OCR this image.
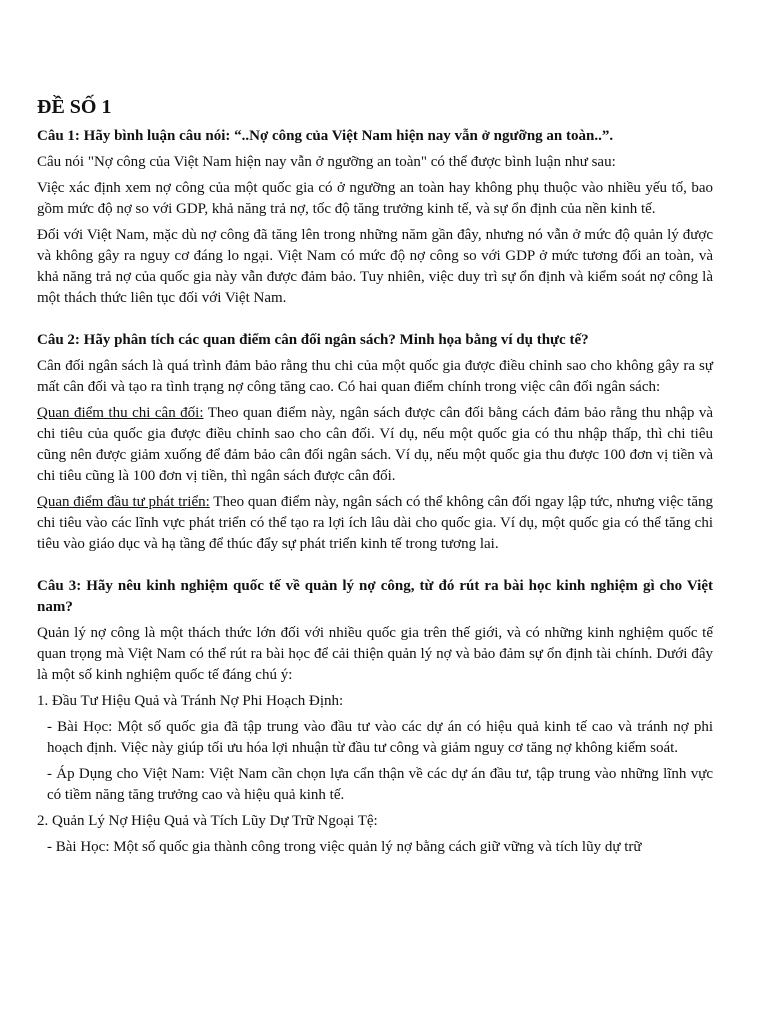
ĐỀ SỐ 1

Câu 1: Hãy bình luận câu nói: “..Nợ công của Việt Nam hiện nay vẫn ở ngưỡng an toàn..”.

Câu nói "Nợ công của Việt Nam hiện nay vẫn ở ngưỡng an toàn" có thể được bình luận như sau:

Việc xác định xem nợ công của một quốc gia có ở ngưỡng an toàn hay không phụ thuộc vào nhiều yếu tố, bao gồm mức độ nợ so với GDP, khả năng trả nợ, tốc độ tăng trưởng kinh tế, và sự ổn định của nền kinh tế.

Đối với Việt Nam, mặc dù nợ công đã tăng lên trong những năm gần đây, nhưng nó vẫn ở mức độ quản lý được và không gây ra nguy cơ đáng lo ngại. Việt Nam có mức độ nợ công so với GDP ở mức tương đối an toàn, và khả năng trả nợ của quốc gia này vẫn được đảm bảo. Tuy nhiên, việc duy trì sự ổn định và kiểm soát nợ công là một thách thức liên tục đối với Việt Nam.

Câu 2: Hãy phân tích các quan điểm cân đối ngân sách? Minh họa bằng ví dụ thực tế?

Cân đối ngân sách là quá trình đảm bảo rằng thu chi của một quốc gia được điều chỉnh sao cho không gây ra sự mất cân đối và tạo ra tình trạng nợ công tăng cao. Có hai quan điểm chính trong việc cân đối ngân sách:

Quan điểm thu chi cân đối: Theo quan điểm này, ngân sách được cân đối bằng cách đảm bảo rằng thu nhập và chi tiêu của quốc gia được điều chỉnh sao cho cân đối. Ví dụ, nếu một quốc gia có thu nhập thấp, thì chi tiêu cũng nên được giảm xuống để đảm bảo cân đối ngân sách. Ví dụ, nếu một quốc gia thu được 100 đơn vị tiền và chi tiêu cũng là 100 đơn vị tiền, thì ngân sách được cân đối.

Quan điểm đầu tư phát triển: Theo quan điểm này, ngân sách có thể không cân đối ngay lập tức, nhưng việc tăng chi tiêu vào các lĩnh vực phát triển có thể tạo ra lợi ích lâu dài cho quốc gia. Ví dụ, một quốc gia có thể tăng chi tiêu vào giáo dục và hạ tầng để thúc đẩy sự phát triển kinh tế trong tương lai.

Câu 3: Hãy nêu kinh nghiệm quốc tế về quản lý nợ công, từ đó rút ra bài học kinh nghiệm gì cho Việt nam?

Quản lý nợ công là một thách thức lớn đối với nhiều quốc gia trên thế giới, và có những kinh nghiệm quốc tế quan trọng mà Việt Nam có thể rút ra bài học để cải thiện quản lý nợ và bảo đảm sự ổn định tài chính. Dưới đây là một số kinh nghiệm quốc tế đáng chú ý:

1. Đầu Tư Hiệu Quả và Tránh Nợ Phi Hoạch Định:

- Bài Học: Một số quốc gia đã tập trung vào đầu tư vào các dự án có hiệu quả kinh tế cao và tránh nợ phi hoạch định. Việc này giúp tối ưu hóa lợi nhuận từ đầu tư công và giảm nguy cơ tăng nợ không kiểm soát.

- Áp Dụng cho Việt Nam: Việt Nam cần chọn lựa cẩn thận về các dự án đầu tư, tập trung vào những lĩnh vực có tiềm năng tăng trưởng cao và hiệu quả kinh tế.

2. Quản Lý Nợ Hiệu Quả và Tích Lũy Dự Trữ Ngoại Tệ:

- Bài Học: Một số quốc gia thành công trong việc quản lý nợ bằng cách giữ vững và tích lũy dự trữ
